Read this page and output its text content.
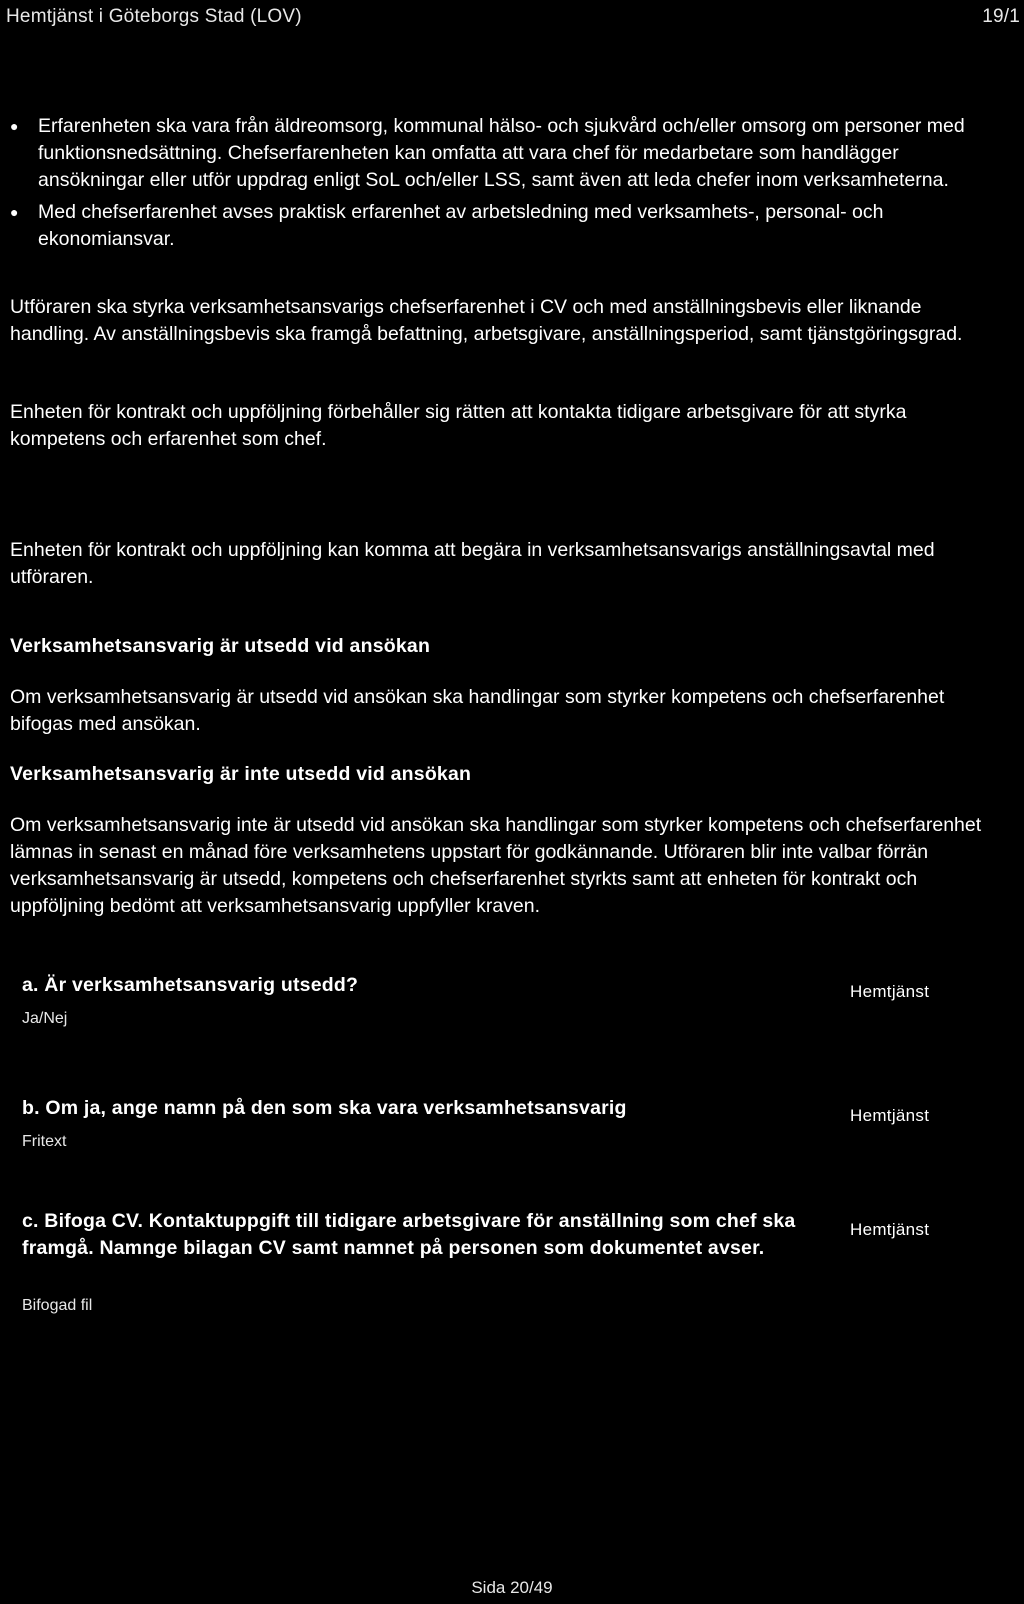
Hemtjänst i Göteborgs Stad (LOV)	19/1
●	Erfarenheten ska vara från äldreomsorg, kommunal hälso- och sjukvård och/eller omsorg om personer med funktionsnedsättning. Chefserfarenheten kan omfatta att vara chef för medarbetare som handlägger ansökningar eller utför uppdrag enligt SoL och/eller LSS, samt även att leda chefer inom verksamheterna.
●	Med chefserfarenhet avses praktisk erfarenhet av arbetsledning med verksamhets-, personal- och ekonomiansvar.

Utföraren ska styrka verksamhetsansvarigs chefserfarenhet i CV och med anställningsbevis eller liknande handling. Av anställningsbevis ska framgå befattning, arbetsgivare, anställningsperiod, samt tjänstgöringsgrad.

Enheten för kontrakt och uppföljning förbehåller sig rätten att kontakta tidigare arbetsgivare för att styrka kompetens och erfarenhet som chef.

Enheten för kontrakt och uppföljning kan komma att begära in verksamhetsansvarigs anställningsavtal med utföraren.

Verksamhetsansvarig är utsedd vid ansökan

Om verksamhetsansvarig är utsedd vid ansökan ska handlingar som styrker kompetens och chefserfarenhet bifogas med ansökan.

Verksamhetsansvarig är inte utsedd vid ansökan

Om verksamhetsansvarig inte är utsedd vid ansökan ska handlingar som styrker kompetens och chefserfarenhet lämnas in senast en månad före verksamhetens uppstart för godkännande. Utföraren blir inte valbar förrän verksamhetsansvarig är utsedd, kompetens och chefserfarenhet styrkts samt att enheten för kontrakt och uppföljning bedömt att verksamhetsansvarig uppfyller kraven.

a. Är verksamhetsansvarig utsedd?
Ja/Nej
Hemtjänst
b. Om ja, ange namn på den som ska vara verksamhetsansvarig
Fritext
Hemtjänst
c. Bifoga CV. Kontaktuppgift till tidigare arbetsgivare för anställning som chef ska framgå. Namnge bilagan CV samt namnet på personen som dokumentet avser.
Bifogad fil
Hemtjänst
Sida 20/49
